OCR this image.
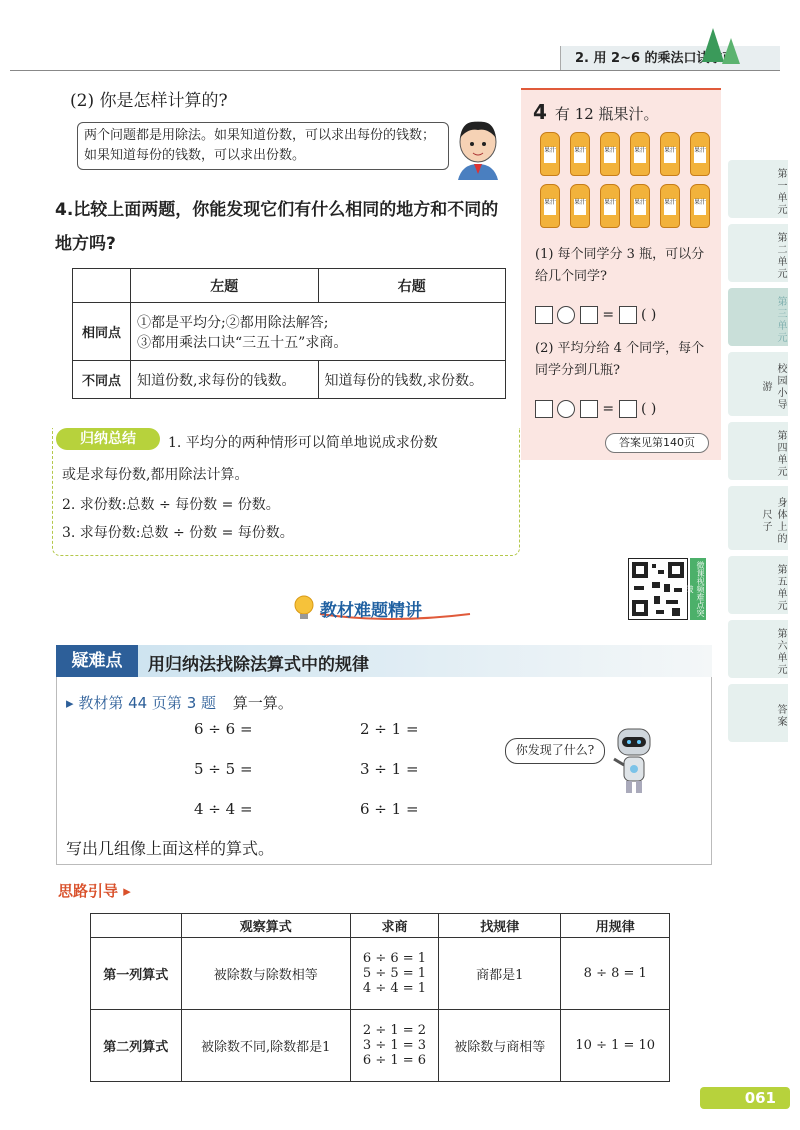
2. 用 2~6 的乘法口诀求商
(2) 你是怎样计算的?
两个问题都是用除法。如果知道份数，可以求出每份的钱数；如果知道每份的钱数，可以求出份数。
4.比较上面两题，你能发现它们有什么相同的地方和不同的地方吗?
	左题	右题
相同点	①都是平均分;②都用除法解答;
③都用乘法口诀“三五十五”求商。	

不同点	知道份数,求每份的钱数。	知道每份的钱数,求份数。
归纳总结	1. 平均分的两种情形可以简单地说成求份数
或是求每份数,都用除法计算。
2. 求份数:总数 ÷ 每份数 = 份数。
3. 求每份数:总数 ÷ 份数 = 每份数。
4 有 12 瓶果汁。
果汁	果汁	果汁	果汁	果汁	果汁
果汁	果汁	果汁	果汁	果汁	果汁
(1) 每个同学分 3 瓶，可以分给几个同学?
=  ( )
(2) 平均分给 4 个同学，每个同学分到几瓶?
=  ( )
答案见第140页
第一单元
第二单元
第三单元
校园小导游
第四单元
身体上的尺子
第五单元
第六单元
答案
微课视频难点突破
教材难题精讲
疑难点	用归纳法找除法算式中的规律
▸ 教材第 44 页第 3 题 算一算。
6 ÷ 6 =
5 ÷ 5 =
4 ÷ 4 =
2 ÷ 1 =
3 ÷ 1 =
6 ÷ 1 =
你发现了什么?
写出几组像上面这样的算式。
思路引导 ▸
	观察算式	求商	找规律	用规律
第一列算式	被除数与除数相等	6 ÷ 6 = 1
5 ÷ 5 = 1
4 ÷ 4 = 1	商都是1	8 ÷ 8 = 1
第二列算式	被除数不同,除数都是1	2 ÷ 1 = 2
3 ÷ 1 = 3
6 ÷ 1 = 6	被除数与商相等	10 ÷ 1 = 10
061
